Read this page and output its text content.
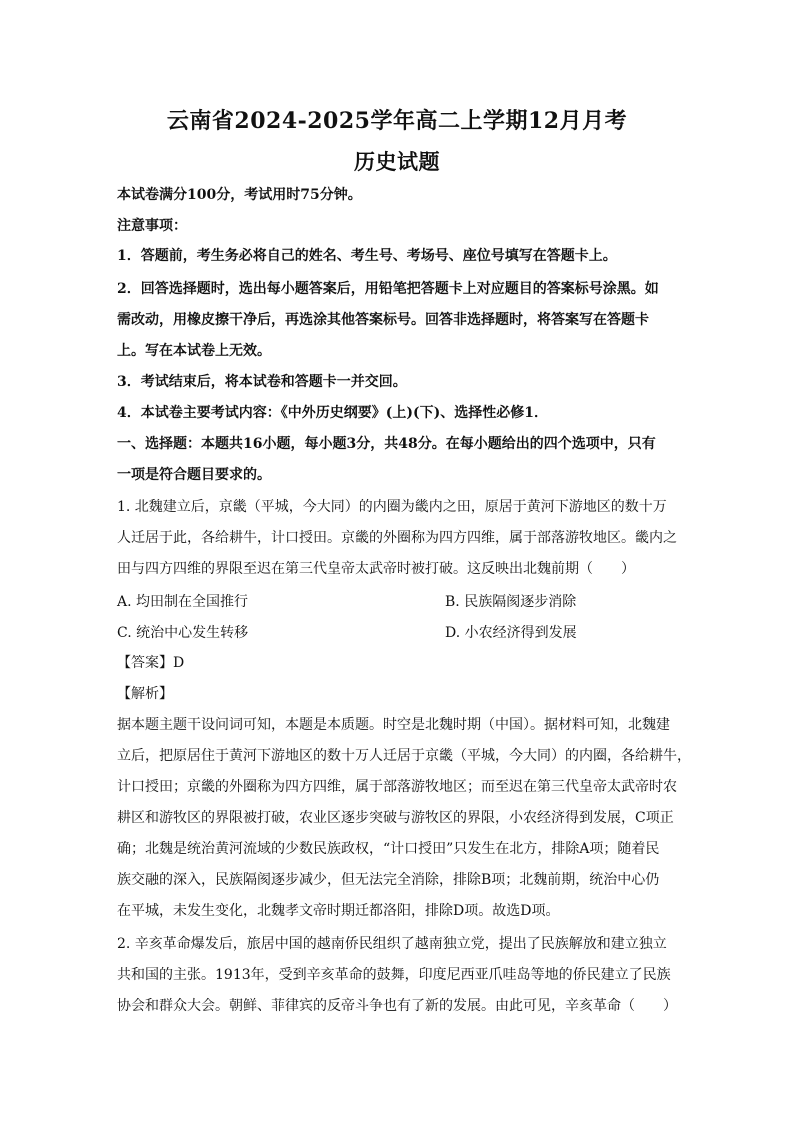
云南省2024-2025学年高二上学期12月月考
历史试题
本试卷满分100分，考试用时75分钟。
注意事项：
1．答题前，考生务必将自己的姓名、考生号、考场号、座位号填写在答题卡上。
2．回答选择题时，选出每小题答案后，用铅笔把答题卡上对应题目的答案标号涂黑。如
需改动，用橡皮擦干净后，再选涂其他答案标号。回答非选择题时，将答案写在答题卡
上。写在本试卷上无效。
3．考试结束后，将本试卷和答题卡一并交回。
4．本试卷主要考试内容：《中外历史纲要》(上)(下)、选择性必修1．
一、选择题：本题共16小题，每小题3分，共48分。在每小题给出的四个选项中，只有
一项是符合题目要求的。
1. 北魏建立后，京畿（平城，今大同）的内圈为畿内之田，原居于黄河下游地区的数十万
人迁居于此，各给耕牛，计口授田。京畿的外圈称为四方四维，属于部落游牧地区。畿内之
田与四方四维的界限至迟在第三代皇帝太武帝时被打破。这反映出北魏前期（　　）
A. 均田制在全国推行	B. 民族隔阂逐步消除
C. 统治中心发生转移	D. 小农经济得到发展
【答案】D
【解析】
据本题主题干设问词可知，本题是本质题。时空是北魏时期（中国）。据材料可知，北魏建
立后，把原居住于黄河下游地区的数十万人迁居于京畿（平城，今大同）的内圈，各给耕牛，
计口授田；京畿的外圈称为四方四维，属于部落游牧地区；而至迟在第三代皇帝太武帝时农
耕区和游牧区的界限被打破，农业区逐步突破与游牧区的界限，小农经济得到发展，C项正
确；北魏是统治黄河流域的少数民族政权，“计口授田”只发生在北方，排除A项；随着民
族交融的深入，民族隔阂逐步减少，但无法完全消除，排除B项；北魏前期，统治中心仍
在平城，未发生变化，北魏孝文帝时期迁都洛阳，排除D项。故选D项。
2. 辛亥革命爆发后，旅居中国的越南侨民组织了越南独立党，提出了民族解放和建立独立
共和国的主张。1913年，受到辛亥革命的鼓舞，印度尼西亚爪哇岛等地的侨民建立了民族
协会和群众大会。朝鲜、菲律宾的反帝斗争也有了新的发展。由此可见，辛亥革命（　　）
